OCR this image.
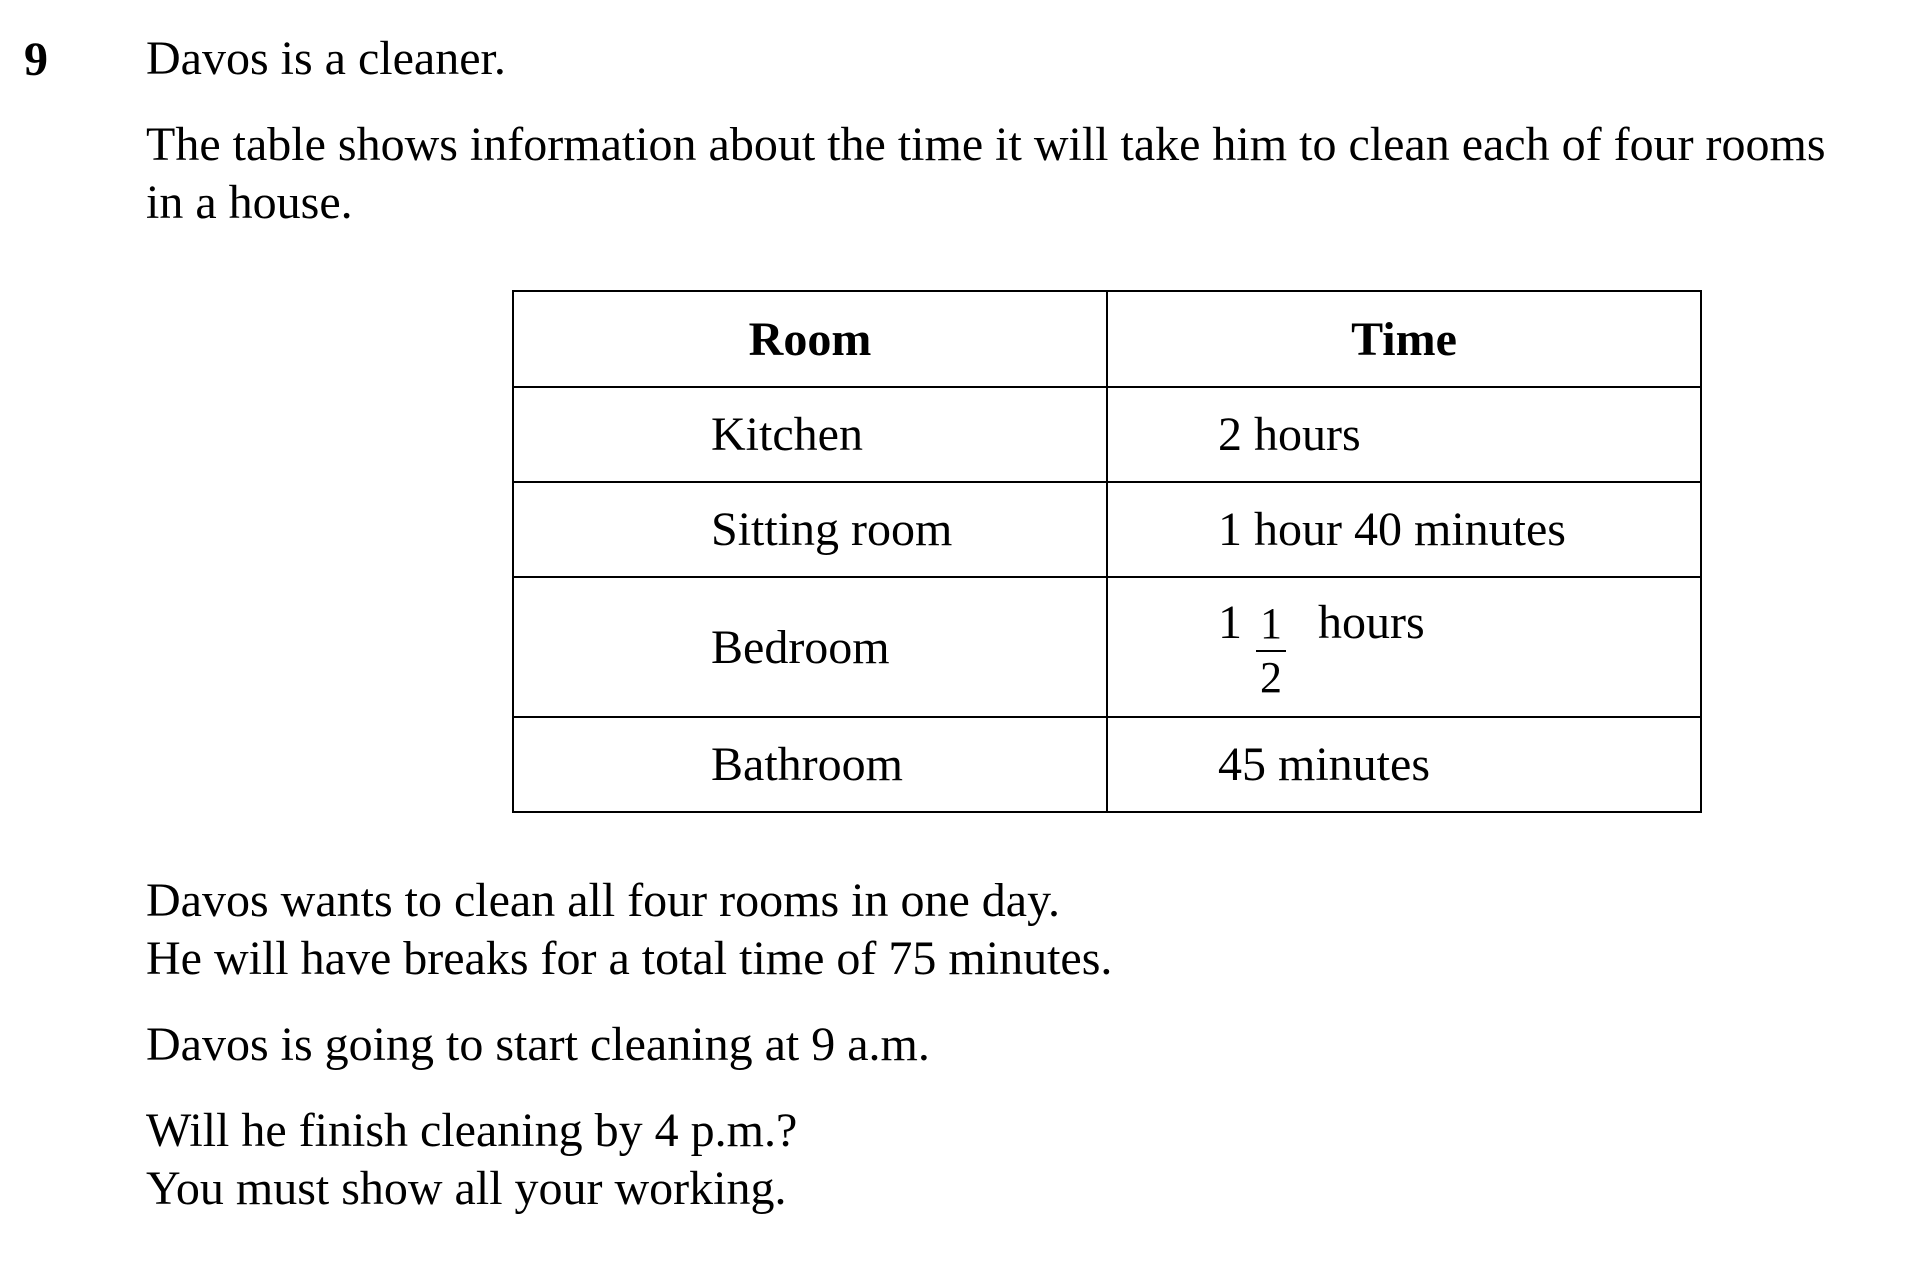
9 Davos is a cleaner.

The table shows information about the time it will take him to clean each of four rooms
in a house.

Room	Time
Kitchen	2 hours
Sitting room	1 hour 40 minutes
Bedroom	$1 \frac{1}{2}$ hours
Bathroom	45 minutes

Davos wants to clean all four rooms in one day.
He will have breaks for a total time of 75 minutes.

Davos is going to start cleaning at 9 a.m.

Will he finish cleaning by 4 p.m.?
You must show all your working.
